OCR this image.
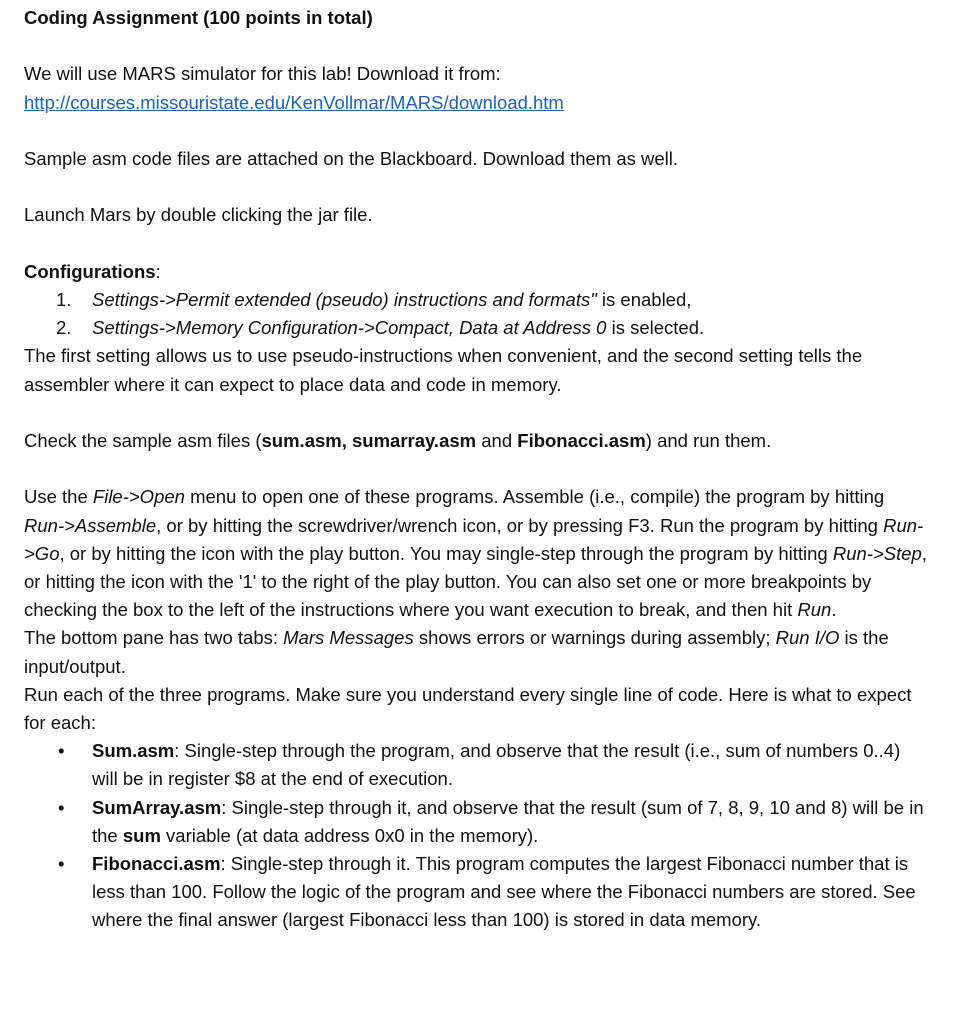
Coding Assignment (100 points in total)

We will use MARS simulator for this lab! Download it from:

http://courses.missouristate.edu/KenVollmar/MARS/download.htm

Sample asm code files are attached on the Blackboard. Download them as well.

Launch Mars by double clicking the jar file.

Configurations:

1. Settings->Permit extended (pseudo) instructions and formats" is enabled,
2. Settings->Memory Configuration->Compact, Data at Address 0 is selected.

The first setting allows us to use pseudo-instructions when convenient, and the second setting tells the assembler where it can expect to place data and code in memory.

Check the sample asm files (sum.asm, sumarray.asm and Fibonacci.asm) and run them.

Use the File->Open menu to open one of these programs. Assemble (i.e., compile) the program by hitting Run->Assemble, or by hitting the screwdriver/wrench icon, or by pressing F3. Run the program by hitting Run->Go, or by hitting the icon with the play button. You may single-step through the program by hitting Run->Step, or hitting the icon with the '1' to the right of the play button. You can also set one or more breakpoints by checking the box to the left of the instructions where you want execution to break, and then hit Run.

The bottom pane has two tabs: Mars Messages shows errors or warnings during assembly; Run I/O is the input/output.

Run each of the three programs. Make sure you understand every single line of code. Here is what to expect for each:

• Sum.asm: Single-step through the program, and observe that the result (i.e., sum of numbers 0..4) will be in register $8 at the end of execution.
• SumArray.asm: Single-step through it, and observe that the result (sum of 7, 8, 9, 10 and 8) will be in the sum variable (at data address 0x0 in the memory).
• Fibonacci.asm: Single-step through it. This program computes the largest Fibonacci number that is less than 100. Follow the logic of the program and see where the Fibonacci numbers are stored. See where the final answer (largest Fibonacci less than 100) is stored in data memory.
